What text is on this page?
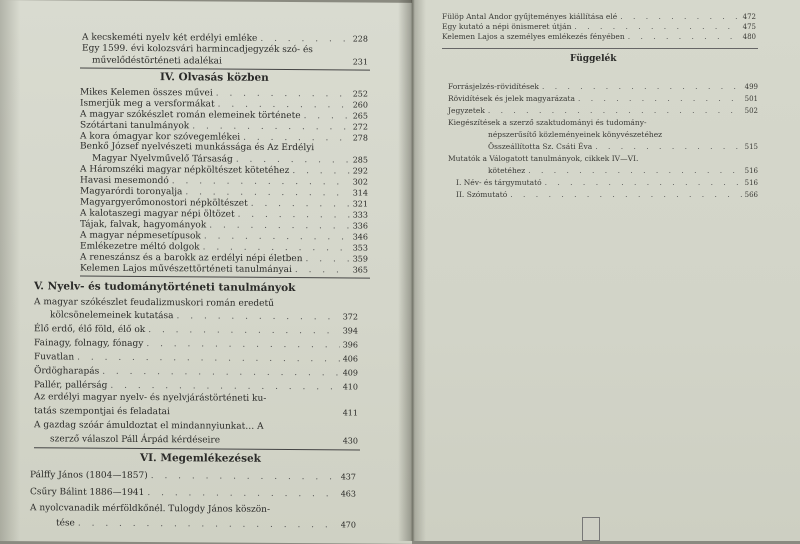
A kecskeméti nyelv két erdélyi emléke . . .	228
Egy 1599. évi kolozsvári harmincadjegyzék szó- és
művelődéstörténeti adalékai	231
IV. Olvasás közben
Mikes Kelemen összes művei . . .	252
Ismerjük meg a versformákat . . .	260
A magyar szókészlet román elemeinek története . . .	265
Szótártani tanulmányok . . .	272
A kora ómagyar kor szóvegemlékei . . .	278
Benkő József nyelvészeti munkássága és Az Erdélyi
Magyar Nyelvművelő Társaság . . .	285
A Háromszéki magyar népköltészet kötetéhez . . .	292
Havasi mesemondó . . .	302
Magyarórdi toronyalja . . .	314
Magyargyerőmonostori népköltészet . . .	321
A kalotaszegi magyar népi öltözet . . .	333
Tájak, falvak, hagyományok . . .	336
A magyar népmesetípusok . . .	346
Emlékezetre méltó dolgok . . .	353
A reneszánsz és a barokk az erdélyi népi életben . . .	359
Kelemen Lajos művészettörténeti tanulmányai . . .	365
V. Nyelv- és tudománytörténeti tanulmányok
A magyar szókészlet feudalizmuskori román eredetű
kölcsönelemeinek kutatása . . .	372
Élő erdő, élő föld, élő ok . . .	394
Fainagy, folnagy, fónagy . . .	396
Fuvatlan . . .	406
Ördögharapás . . .	409
Pallér, pallérság . . .	410
Az erdélyi magyar nyelv- és nyelvjárástörténeti ku-
tatás szempontjai és feladatai	411
A gazdag szóár ámuldoztat el mindannyiunkat… A
szerző válaszol Páll Árpád kérdéseire	430
VI. Megemlékezések
Pálffy János (1804—1857) . . .	437
Csűry Bálint 1886—1941 . . .	463
A nyolcvanadik mérföldkőnél. Tulogdy János köszön-
tése . . .	470
Fülöp Antal Andor gyűjteményes kiállítása elé . . .	472
Egy kutató a népi önismeret útján . . .	475
Kelemen Lajos a személyes emlékezés fényében . . .	480
Függelék
Forrásjelzés-rövidítések . . .	499
Rövidítések és jelek magyarázata . . .	501
Jegyzetek . . .	502
Kiegészítések a szerző szaktudományi és tudomány-
népszerűsítő közleményeinek könyvészetéhez
Összeállította Sz. Csáti Éva . . .	515
Mutatók a Válogatott tanulmányok, cikkek IV—VI.
kötetéhez . . .	516
I. Név- és tárgymutató . . .	516
II. Szómutató . . .	566
